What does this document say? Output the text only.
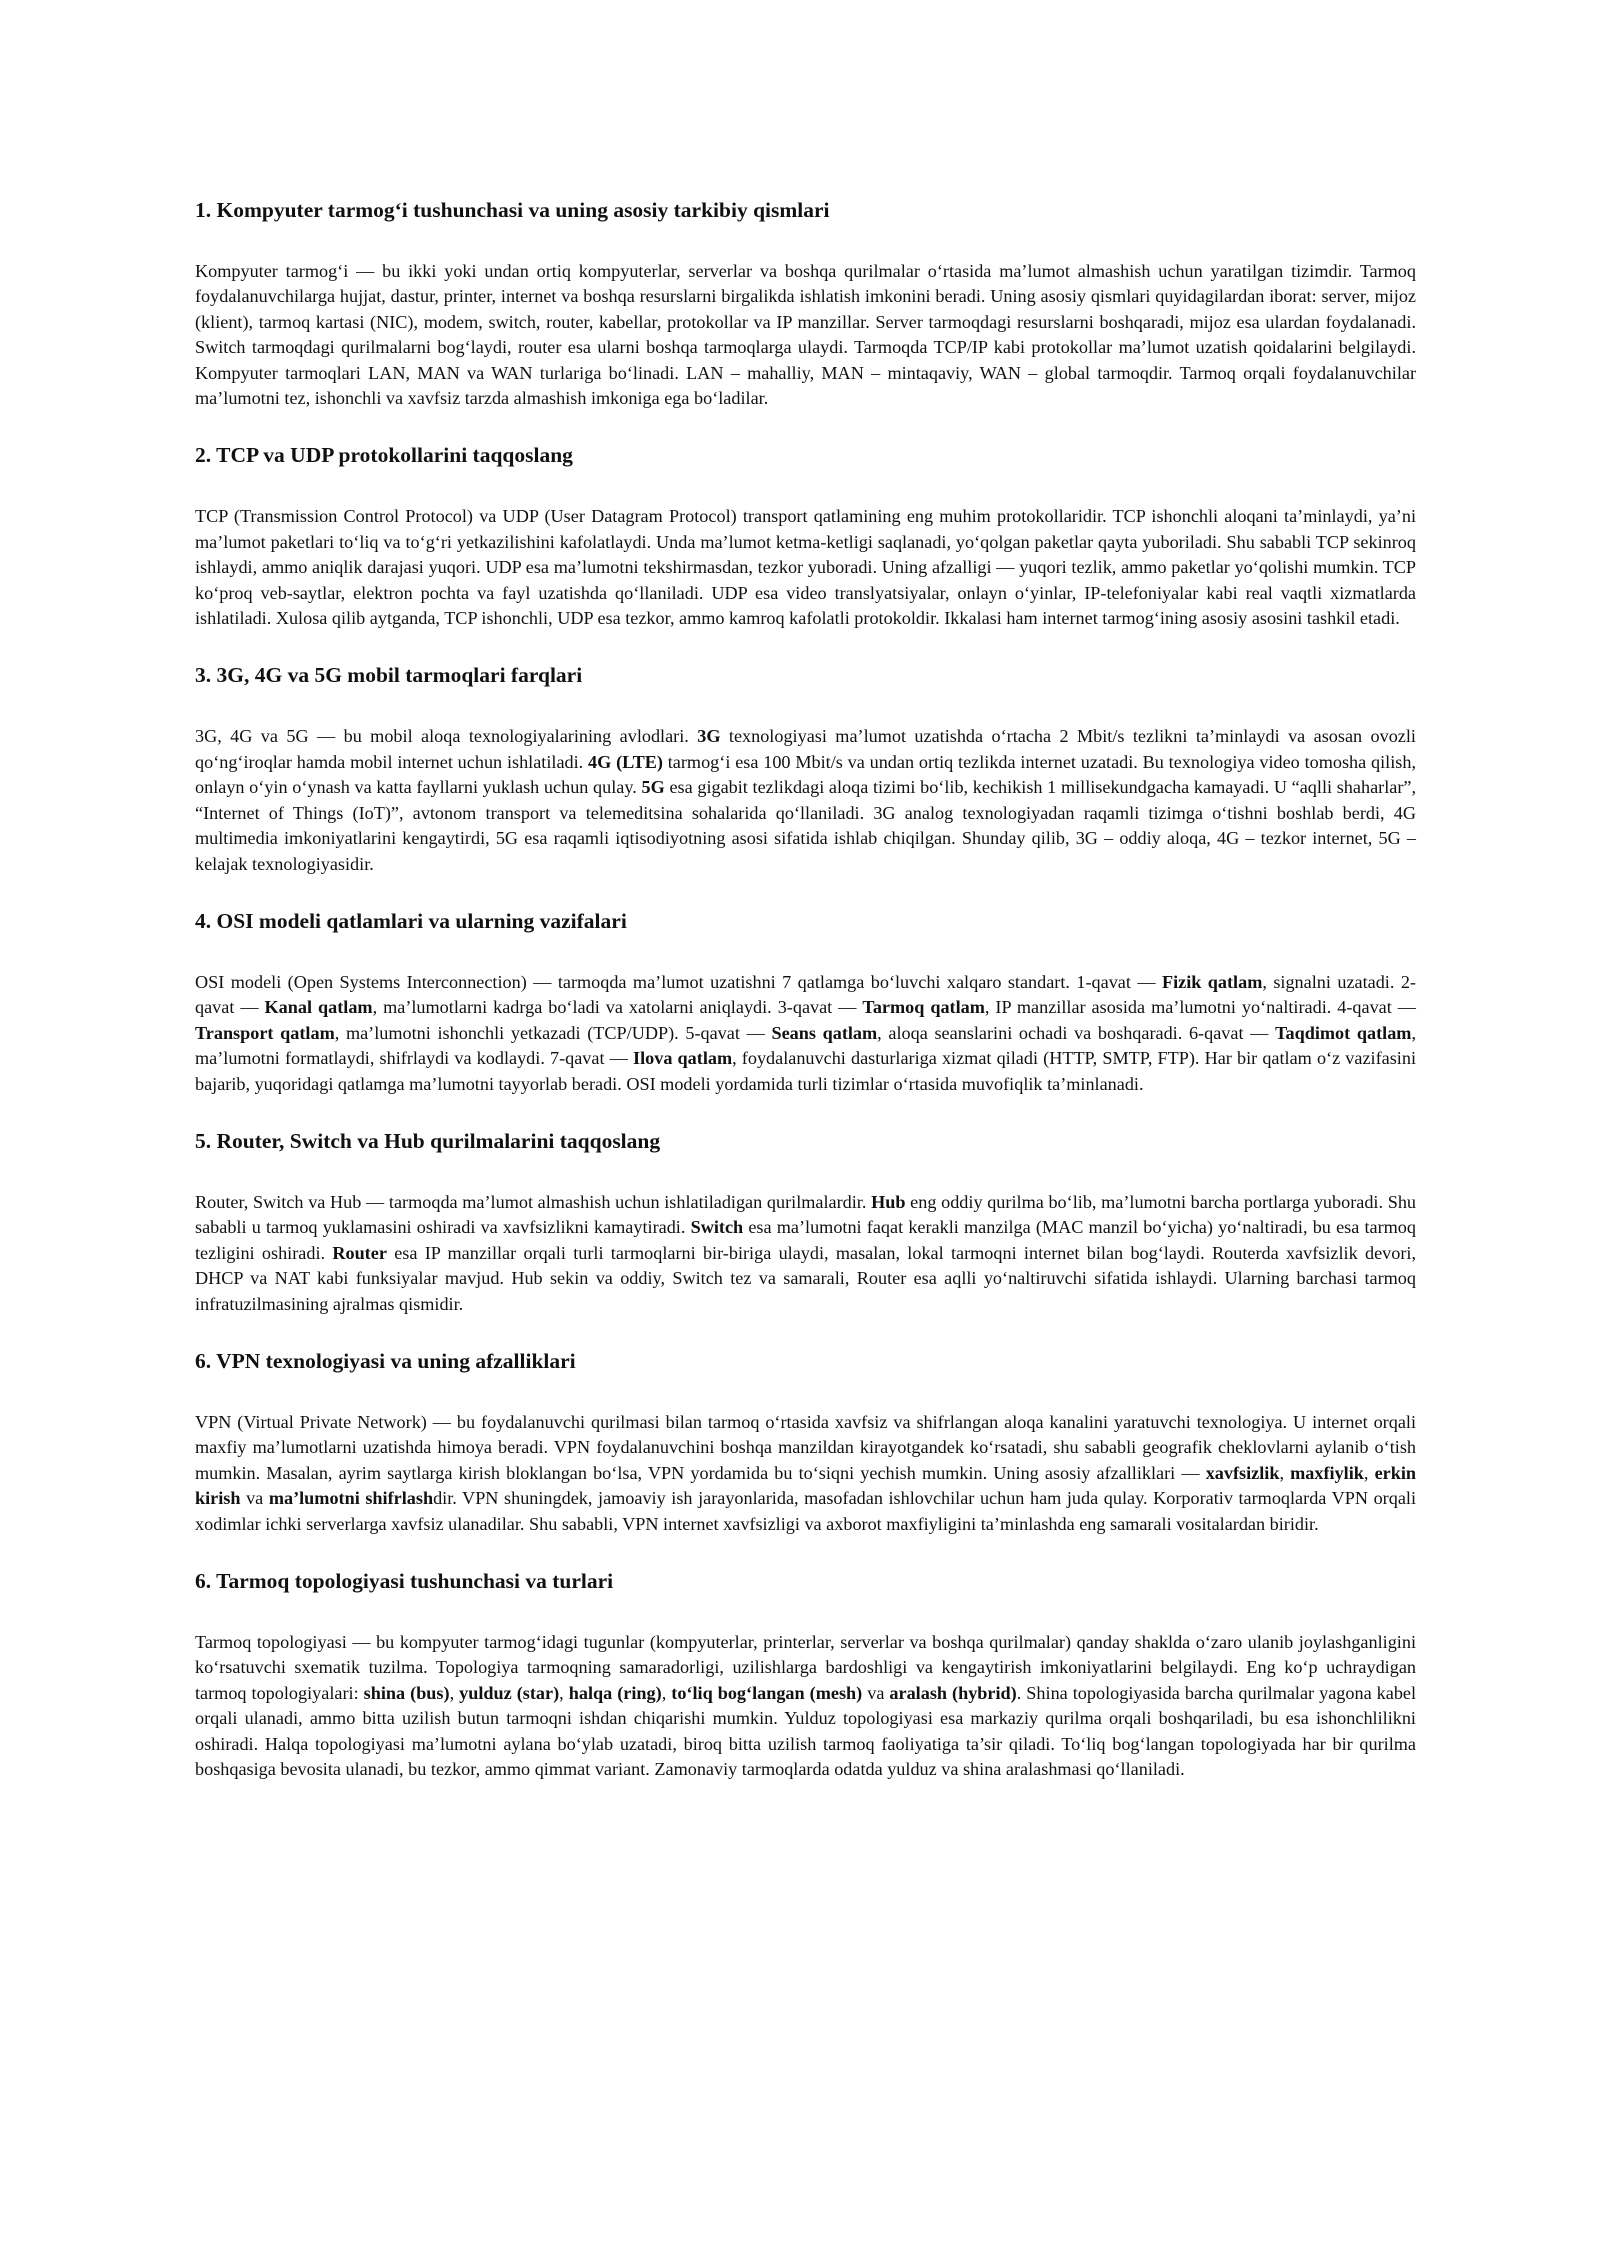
1. Kompyuter tarmog‘i tushunchasi va uning asosiy tarkibiy qismlari

Kompyuter tarmog‘i — bu ikki yoki undan ortiq kompyuterlar, serverlar va boshqa qurilmalar o‘rtasida ma’lumot almashish uchun yaratilgan tizimdir. Tarmoq foydalanuvchilarga hujjat, dastur, printer, internet va boshqa resurslarni birgalikda ishlatish imkonini beradi. Uning asosiy qismlari quyidagilardan iborat: server, mijoz (klient), tarmoq kartasi (NIC), modem, switch, router, kabellar, protokollar va IP manzillar. Server tarmoqdagi resurslarni boshqaradi, mijoz esa ulardan foydalanadi. Switch tarmoqdagi qurilmalarni bog‘laydi, router esa ularni boshqa tarmoqlarga ulaydi. Tarmoqda TCP/IP kabi protokollar ma’lumot uzatish qoidalarini belgilaydi. Kompyuter tarmoqlari LAN, MAN va WAN turlariga bo‘linadi. LAN – mahalliy, MAN – mintaqaviy, WAN – global tarmoqdir. Tarmoq orqali foydalanuvchilar ma’lumotni tez, ishonchli va xavfsiz tarzda almashish imkoniga ega bo‘ladilar.

2. TCP va UDP protokollarini taqqoslang

TCP (Transmission Control Protocol) va UDP (User Datagram Protocol) transport qatlamining eng muhim protokollaridir. TCP ishonchli aloqani ta’minlaydi, ya’ni ma’lumot paketlari to‘liq va to‘g‘ri yetkazilishini kafolatlaydi. Unda ma’lumot ketma-ketligi saqlanadi, yo‘qolgan paketlar qayta yuboriladi. Shu sababli TCP sekinroq ishlaydi, ammo aniqlik darajasi yuqori. UDP esa ma’lumotni tekshirmasdan, tezkor yuboradi. Uning afzalligi — yuqori tezlik, ammo paketlar yo‘qolishi mumkin. TCP ko‘proq veb-saytlar, elektron pochta va fayl uzatishda qo‘llaniladi. UDP esa video translyatsiyalar, onlayn o‘yinlar, IP-telefoniyalar kabi real vaqtli xizmatlarda ishlatiladi. Xulosa qilib aytganda, TCP ishonchli, UDP esa tezkor, ammo kamroq kafolatli protokoldir. Ikkalasi ham internet tarmog‘ining asosiy asosini tashkil etadi.

3. 3G, 4G va 5G mobil tarmoqlari farqlari

3G, 4G va 5G — bu mobil aloqa texnologiyalarining avlodlari. 3G texnologiyasi ma’lumot uzatishda o‘rtacha 2 Mbit/s tezlikni ta’minlaydi va asosan ovozli qo‘ng‘iroqlar hamda mobil internet uchun ishlatiladi. 4G (LTE) tarmog‘i esa 100 Mbit/s va undan ortiq tezlikda internet uzatadi. Bu texnologiya video tomosha qilish, onlayn o‘yin o‘ynash va katta fayllarni yuklash uchun qulay. 5G esa gigabit tezlikdagi aloqa tizimi bo‘lib, kechikish 1 millisekundgacha kamayadi. U “aqlli shaharlar”, “Internet of Things (IoT)”, avtonom transport va telemeditsina sohalarida qo‘llaniladi. 3G analog texnologiyadan raqamli tizimga o‘tishni boshlab berdi, 4G multimedia imkoniyatlarini kengaytirdi, 5G esa raqamli iqtisodiyotning asosi sifatida ishlab chiqilgan. Shunday qilib, 3G – oddiy aloqa, 4G – tezkor internet, 5G – kelajak texnologiyasidir.

4. OSI modeli qatlamlari va ularning vazifalari

OSI modeli (Open Systems Interconnection) — tarmoqda ma’lumot uzatishni 7 qatlamga bo‘luvchi xalqaro standart. 1-qavat — Fizik qatlam, signalni uzatadi. 2-qavat — Kanal qatlam, ma’lumotlarni kadrga bo‘ladi va xatolarni aniqlaydi. 3-qavat — Tarmoq qatlam, IP manzillar asosida ma’lumotni yo‘naltiradi. 4-qavat — Transport qatlam, ma’lumotni ishonchli yetkazadi (TCP/UDP). 5-qavat — Seans qatlam, aloqa seanslarini ochadi va boshqaradi. 6-qavat — Taqdimot qatlam, ma’lumotni formatlaydi, shifrlaydi va kodlaydi. 7-qavat — Ilova qatlam, foydalanuvchi dasturlariga xizmat qiladi (HTTP, SMTP, FTP). Har bir qatlam o‘z vazifasini bajarib, yuqoridagi qatlamga ma’lumotni tayyorlab beradi. OSI modeli yordamida turli tizimlar o‘rtasida muvofiqlik ta’minlanadi.

5. Router, Switch va Hub qurilmalarini taqqoslang

Router, Switch va Hub — tarmoqda ma’lumot almashish uchun ishlatiladigan qurilmalardir. Hub eng oddiy qurilma bo‘lib, ma’lumotni barcha portlarga yuboradi. Shu sababli u tarmoq yuklamasini oshiradi va xavfsizlikni kamaytiradi. Switch esa ma’lumotni faqat kerakli manzilga (MAC manzil bo‘yicha) yo‘naltiradi, bu esa tarmoq tezligini oshiradi. Router esa IP manzillar orqali turli tarmoqlarni bir-biriga ulaydi, masalan, lokal tarmoqni internet bilan bog‘laydi. Routerda xavfsizlik devori, DHCP va NAT kabi funksiyalar mavjud. Hub sekin va oddiy, Switch tez va samarali, Router esa aqlli yo‘naltiruvchi sifatida ishlaydi. Ularning barchasi tarmoq infratuzilmasining ajralmas qismidir.

6. VPN texnologiyasi va uning afzalliklari

VPN (Virtual Private Network) — bu foydalanuvchi qurilmasi bilan tarmoq o‘rtasida xavfsiz va shifrlangan aloqa kanalini yaratuvchi texnologiya. U internet orqali maxfiy ma’lumotlarni uzatishda himoya beradi. VPN foydalanuvchini boshqa manzildan kirayotgandek ko‘rsatadi, shu sababli geografik cheklovlarni aylanib o‘tish mumkin. Masalan, ayrim saytlarga kirish bloklangan bo‘lsa, VPN yordamida bu to‘siqni yechish mumkin. Uning asosiy afzalliklari — xavfsizlik, maxfiylik, erkin kirish va ma’lumotni shifrlashdir. VPN shuningdek, jamoaviy ish jarayonlarida, masofadan ishlovchilar uchun ham juda qulay. Korporativ tarmoqlarda VPN orqali xodimlar ichki serverlarga xavfsiz ulanadilar. Shu sababli, VPN internet xavfsizligi va axborot maxfiyligini ta’minlashda eng samarali vositalardan biridir.

6. Tarmoq topologiyasi tushunchasi va turlari

Tarmoq topologiyasi — bu kompyuter tarmog‘idagi tugunlar (kompyuterlar, printerlar, serverlar va boshqa qurilmalar) qanday shaklda o‘zaro ulanib joylashganligini ko‘rsatuvchi sxematik tuzilma. Topologiya tarmoqning samaradorligi, uzilishlarga bardoshligi va kengaytirish imkoniyatlarini belgilaydi. Eng ko‘p uchraydigan tarmoq topologiyalari: shina (bus), yulduz (star), halqa (ring), to‘liq bog‘langan (mesh) va aralash (hybrid). Shina topologiyasida barcha qurilmalar yagona kabel orqali ulanadi, ammo bitta uzilish butun tarmoqni ishdan chiqarishi mumkin. Yulduz topologiyasi esa markaziy qurilma orqali boshqariladi, bu esa ishonchlilikni oshiradi. Halqa topologiyasi ma’lumotni aylana bo‘ylab uzatadi, biroq bitta uzilish tarmoq faoliyatiga ta’sir qiladi. To‘liq bog‘langan topologiyada har bir qurilma boshqasiga bevosita ulanadi, bu tezkor, ammo qimmat variant. Zamonaviy tarmoqlarda odatda yulduz va shina aralashmasi qo‘llaniladi.
